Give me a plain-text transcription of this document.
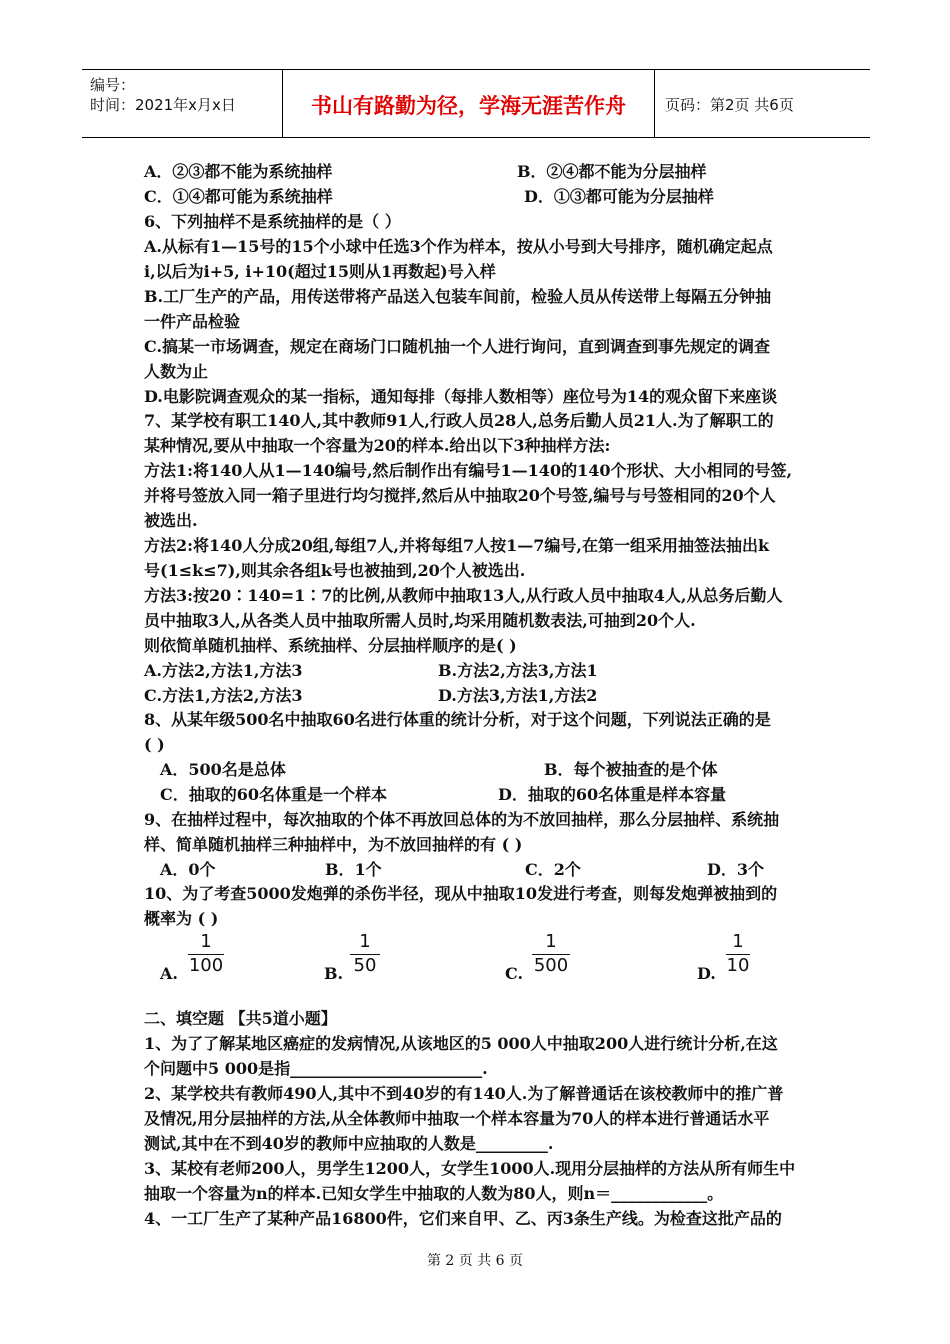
编号：
时间：2021年x月x日	书山有路勤为径，学海无涯苦作舟	页码：第2页 共6页
A．②③都不能为系统抽样	B．②④都不能为分层抽样
C．①④都可能为系统抽样	D．①③都可能为分层抽样
6、下列抽样不是系统抽样的是（ ）
A.从标有1—15号的15个小球中任选3个作为样本，按从小号到大号排序，随机确定起点
i,以后为i+5, i+10(超过15则从1再数起)号入样
B.工厂生产的产品，用传送带将产品送入包装车间前，检验人员从传送带上每隔五分钟抽
一件产品检验
C.搞某一市场调查，规定在商场门口随机抽一个人进行询问，直到调查到事先规定的调查
人数为止
D.电影院调查观众的某一指标，通知每排（每排人数相等）座位号为14的观众留下来座谈
7、某学校有职工140人,其中教师91人,行政人员28人,总务后勤人员21人.为了解职工的
某种情况,要从中抽取一个容量为20的样本.给出以下3种抽样方法:
方法1:将140人从1—140编号,然后制作出有编号1—140的140个形状、大小相同的号签,
并将号签放入同一箱子里进行均匀搅拌,然后从中抽取20个号签,编号与号签相同的20个人
被选出.
方法2:将140人分成20组,每组7人,并将每组7人按1—7编号,在第一组采用抽签法抽出k
号(1≤k≤7),则其余各组k号也被抽到,20个人被选出.
方法3:按20∶140=1∶7的比例,从教师中抽取13人,从行政人员中抽取4人,从总务后勤人
员中抽取3人,从各类人员中抽取所需人员时,均采用随机数表法,可抽到20个人.
则依简单随机抽样、系统抽样、分层抽样顺序的是( )
A.方法2,方法1,方法3	B.方法2,方法3,方法1
C.方法1,方法2,方法3	D.方法3,方法1,方法2
8、从某年级500名中抽取60名进行体重的统计分析，对于这个问题，下列说法正确的是
( )
A．500名是总体	B．每个被抽查的是个体
C．抽取的60名体重是一个样本	D．抽取的60名体重是样本容量
9、在抽样过程中，每次抽取的个体不再放回总体的为不放回抽样，那么分层抽样、系统抽
样、简单随机抽样三种抽样中，为不放回抽样的有 ( )
A．0个	B．1个	C．2个	D．3个
10、为了考查5000发炮弹的杀伤半径，现从中抽取10发进行考查，则每发炮弹被抽到的
概率为 ( )
A.
1
100	B.
1
50	C.
1
500	D.
1
10
二、填空题 【共5道小题】
1、为了了解某地区癌症的发病情况,从该地区的5 000人中抽取200人进行统计分析,在这
个问题中5 000是指________________________.
2、某学校共有教师490人,其中不到40岁的有140人.为了解普通话在该校教师中的推广普
及情况,用分层抽样的方法,从全体教师中抽取一个样本容量为70人的样本进行普通话水平
测试,其中在不到40岁的教师中应抽取的人数是_________.
3、某校有老师200人，男学生1200人，女学生1000人.现用分层抽样的方法从所有师生中
抽取一个容量为n的样本.已知女学生中抽取的人数为80人，则n＝____________。
4、一工厂生产了某种产品16800件，它们来自甲、乙、丙3条生产线。为检查这批产品的
第 2 页 共 6 页
